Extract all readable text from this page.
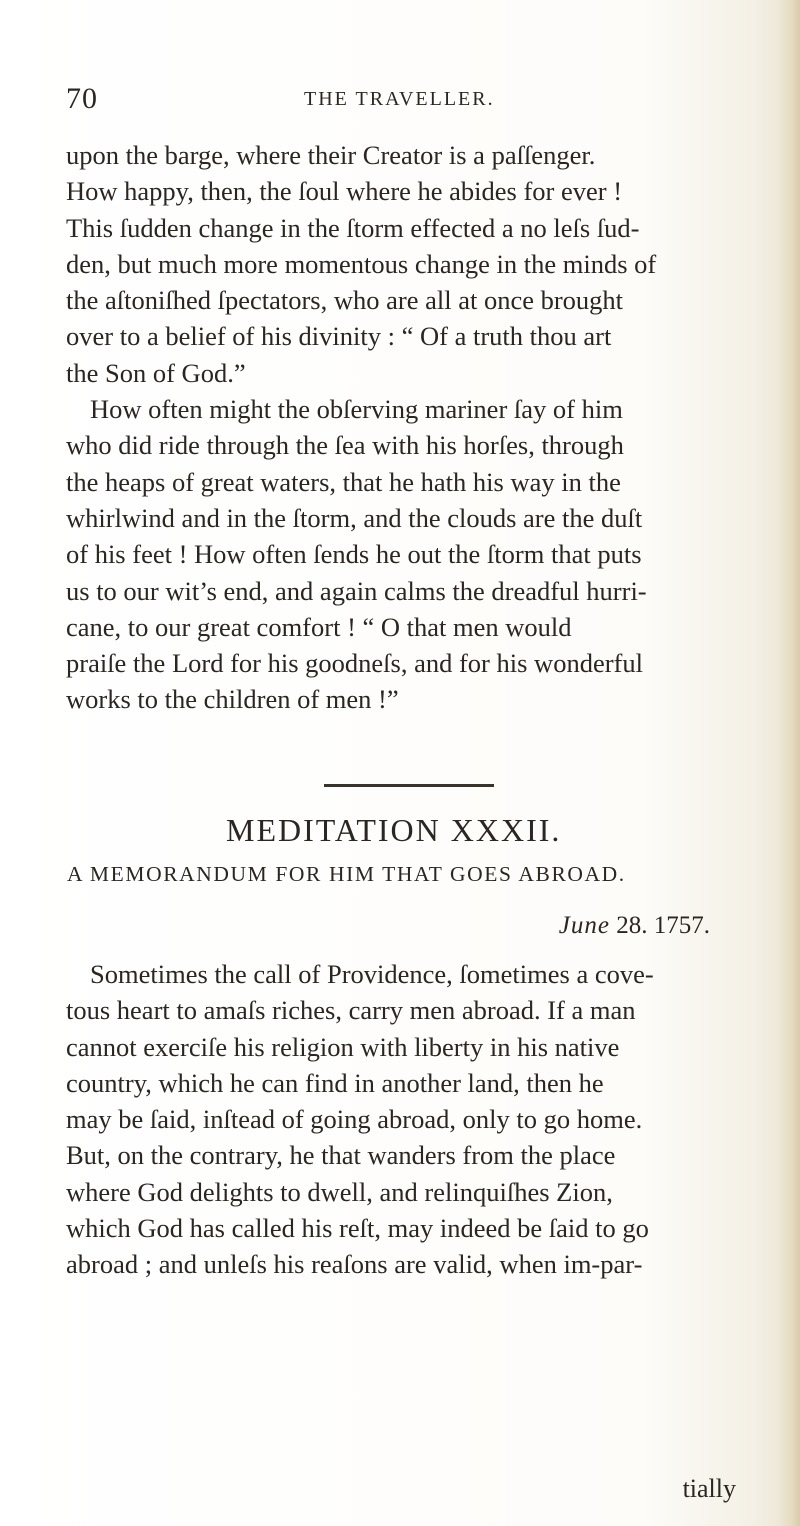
70	THE TRAVELLER.
upon the barge, where their Creator is a paſſenger.
How happy, then, the ſoul where he abides for ever !
This ſudden change in the ſtorm effected a no leſs ſud-
den, but much more momentous change in the minds of
the aſtoniſhed ſpectators, who are all at once brought
over to a belief of his divinity : “ Of a truth thou art
the Son of God.”
How often might the obſerving mariner ſay of him
who did ride through the ſea with his horſes, through
the heaps of great waters, that he hath his way in the
whirlwind and in the ſtorm, and the clouds are the duſt
of his feet ! How often ſends he out the ſtorm that puts
us to our wit’s end, and again calms the dreadful hurri-
cane, to our great comfort ! “ O that men would
praiſe the Lord for his goodneſs, and for his wonderful
works to the children of men !”
MEDITATION XXXII.
A MEMORANDUM FOR HIM THAT GOES ABROAD.
June 28. 1757.
Sometimes the call of Providence, ſometimes a cove-
tous heart to amaſs riches, carry men abroad. If a man
cannot exerciſe his religion with liberty in his native
country, which he can find in another land, then he
may be ſaid, inſtead of going abroad, only to go home.
But, on the contrary, he that wanders from the place
where God delights to dwell, and relinquiſhes Zion,
which God has called his reſt, may indeed be ſaid to go
abroad ; and unleſs his reaſons are valid, when im-par-
tially
